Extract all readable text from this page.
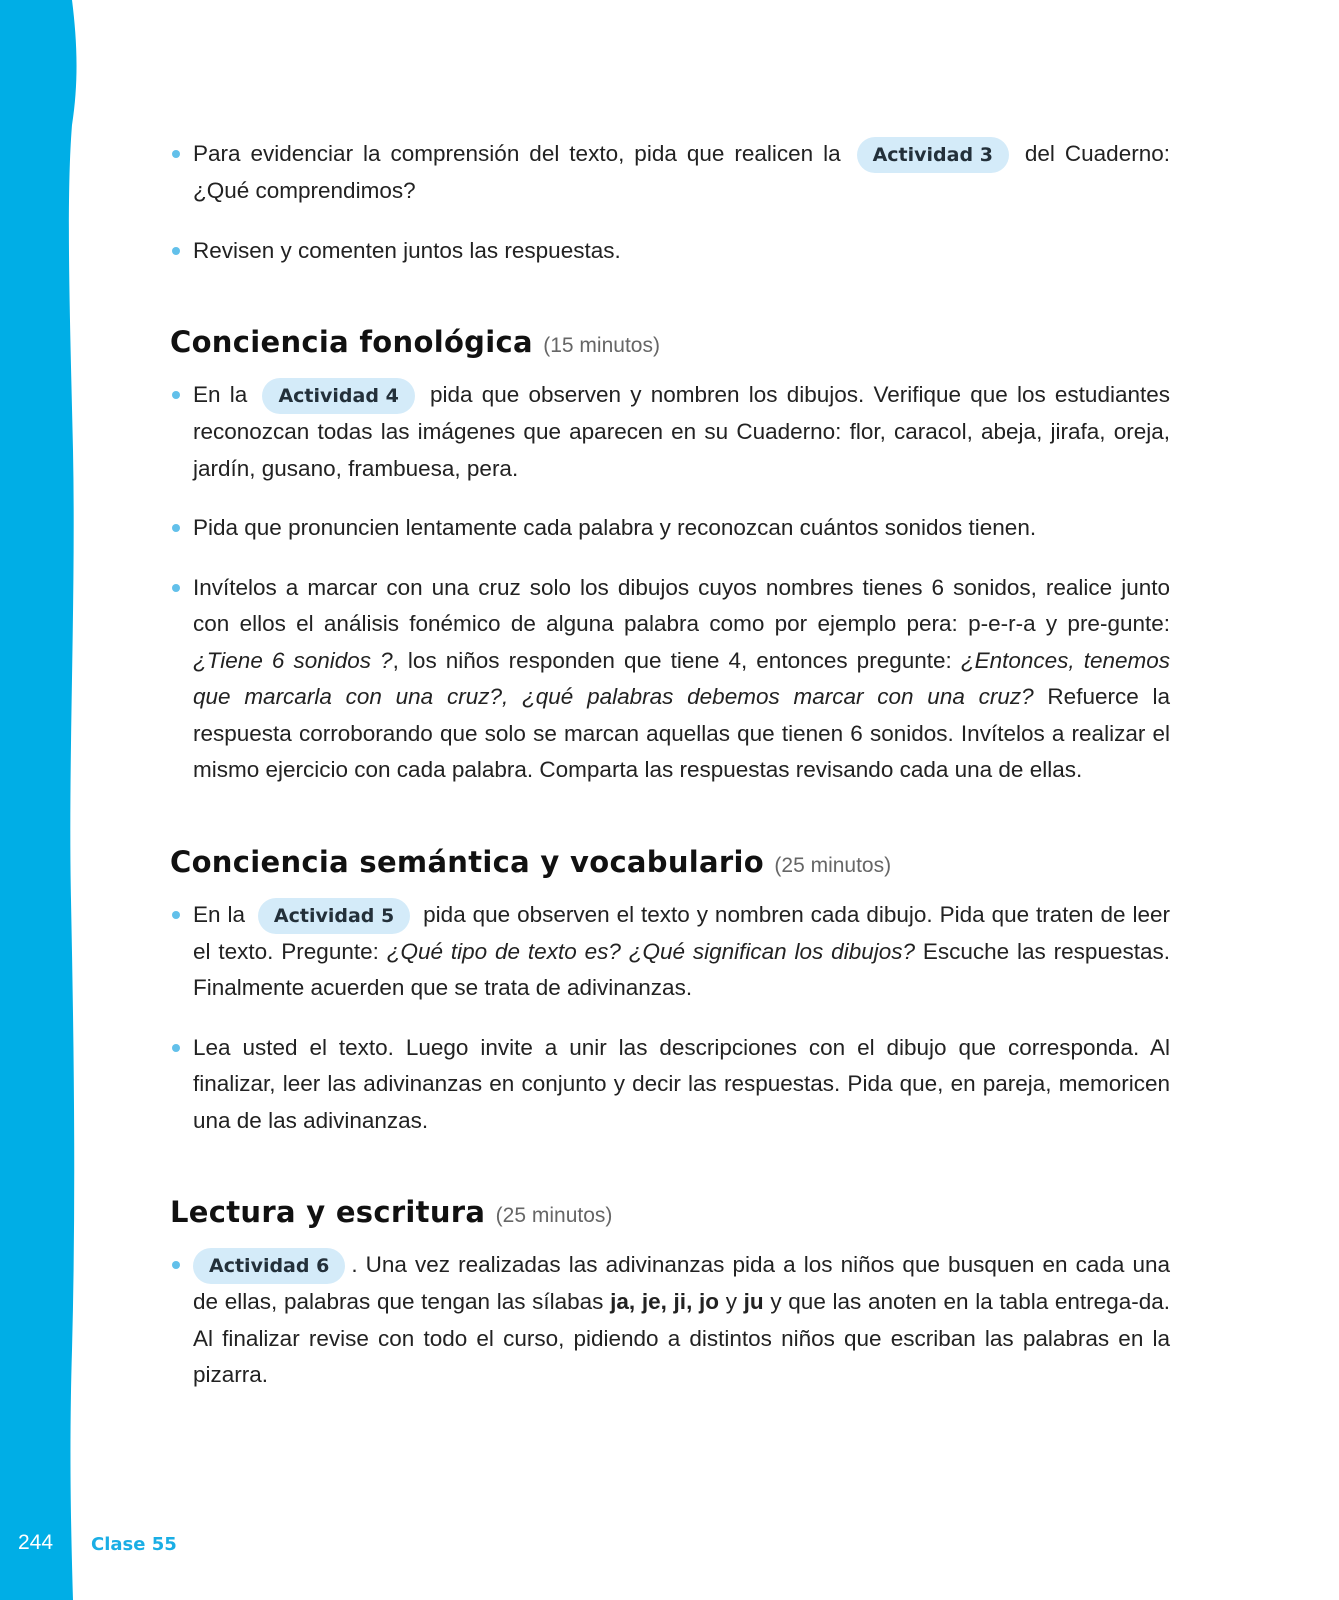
Para evidenciar la comprensión del texto, pida que realicen la Actividad 3 del Cuaderno: ¿Qué comprendimos?
Revisen y comenten juntos las respuestas.
Conciencia fonológica (15 minutos)
En la Actividad 4 pida que observen y nombren los dibujos. Verifique que los estudiantes reconozcan todas las imágenes que aparecen en su Cuaderno: flor, caracol, abeja, jirafa, oreja, jardín, gusano, frambuesa, pera.
Pida que pronuncien lentamente cada palabra y reconozcan cuántos sonidos tienen.
Invítelos a marcar con una cruz solo los dibujos cuyos nombres tienes 6 sonidos, realice junto con ellos el análisis fonémico de alguna palabra como por ejemplo pera: p-e-r-a y pre-gunte: ¿Tiene 6 sonidos ?, los niños responden que tiene 4, entonces pregunte: ¿Entonces, tenemos que marcarla con una cruz?, ¿qué palabras debemos marcar con una cruz? Refuerce la respuesta corroborando que solo se marcan aquellas que tienen 6 sonidos. Invítelos a realizar el mismo ejercicio con cada palabra. Comparta las respuestas revisando cada una de ellas.
Conciencia semántica y vocabulario (25 minutos)
En la Actividad 5 pida que observen el texto y nombren cada dibujo. Pida que traten de leer el texto. Pregunte: ¿Qué tipo de texto es? ¿Qué significan los dibujos? Escuche las respuestas. Finalmente acuerden que se trata de adivinanzas.
Lea usted el texto. Luego invite a unir las descripciones con el dibujo que corresponda. Al finalizar, leer las adivinanzas en conjunto y decir las respuestas. Pida que, en pareja, memoricen una de las adivinanzas.
Lectura y escritura (25 minutos)
Actividad 6 . Una vez realizadas las adivinanzas pida a los niños que busquen en cada una de ellas, palabras que tengan las sílabas ja, je, ji, jo y ju y que las anoten en la tabla entrega-da. Al finalizar revise con todo el curso, pidiendo a distintos niños que escriban las palabras en la pizarra.
244 Clase 55
